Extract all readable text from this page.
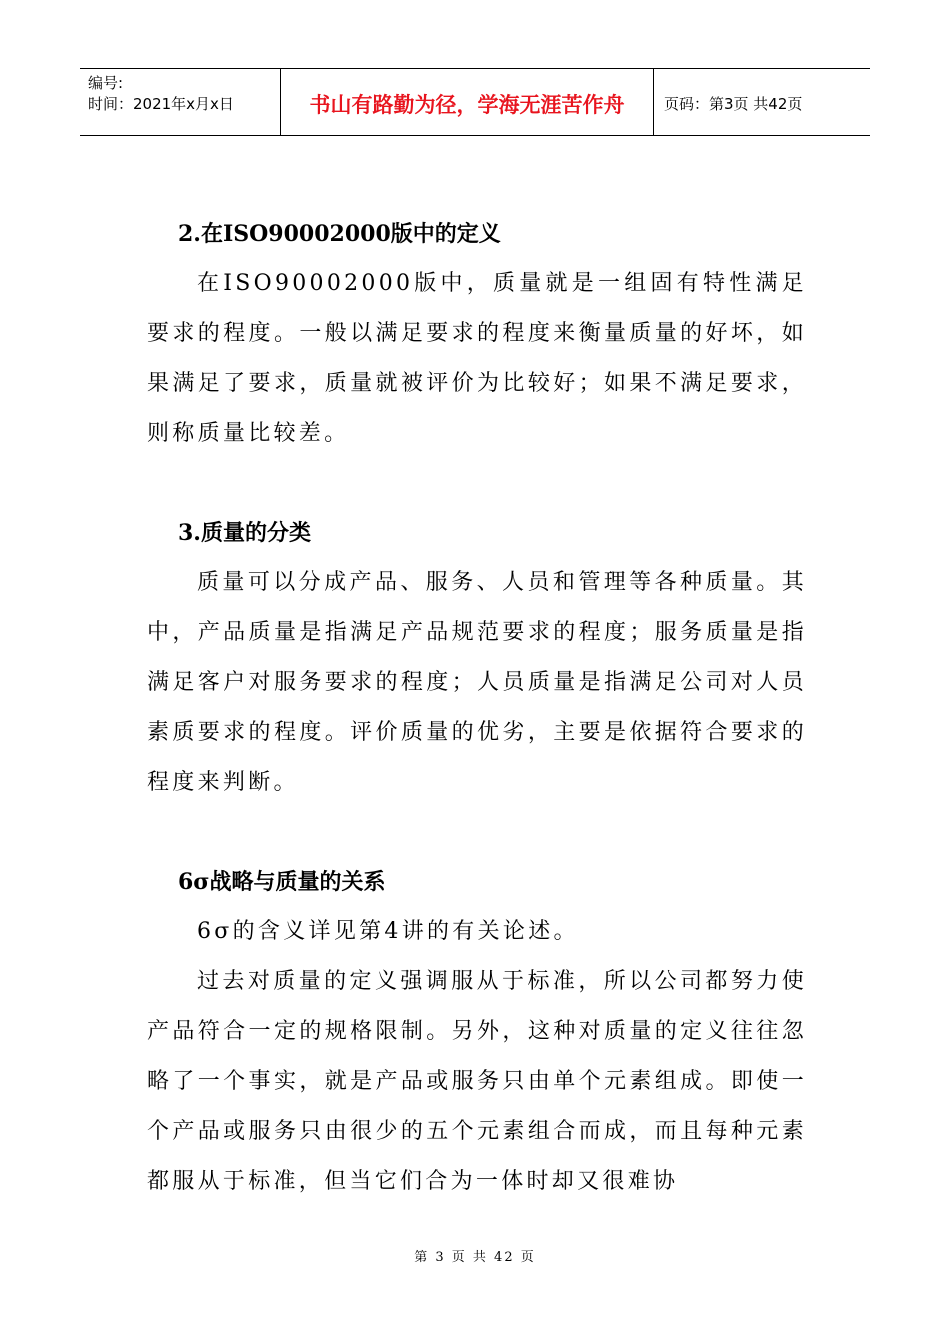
编号:
时间：2021年x月x日	书山有路勤为径，学海无涯苦作舟	页码：第3页 共42页
2.在ISO90002000版中的定义

在ISO90002000版中，质量就是一组固有特性满足要求的程度。一般以满足要求的程度来衡量质量的好坏，如果满足了要求，质量就被评价为比较好；如果不满足要求，则称质量比较差。

3.质量的分类

质量可以分成产品、服务、人员和管理等各种质量。其中，产品质量是指满足产品规范要求的程度；服务质量是指满足客户对服务要求的程度；人员质量是指满足公司对人员素质要求的程度。评价质量的优劣，主要是依据符合要求的程度来判断。

6σ战略与质量的关系

6σ的含义详见第4讲的有关论述。

过去对质量的定义强调服从于标准，所以公司都努力使产品符合一定的规格限制。另外，这种对质量的定义往往忽略了一个事实，就是产品或服务只由单个元素组成。即使一个产品或服务只由很少的五个元素组合而成，而且每种元素都服从于标准，但当它们合为一体时却又很难协

第 3 页 共 42 页
